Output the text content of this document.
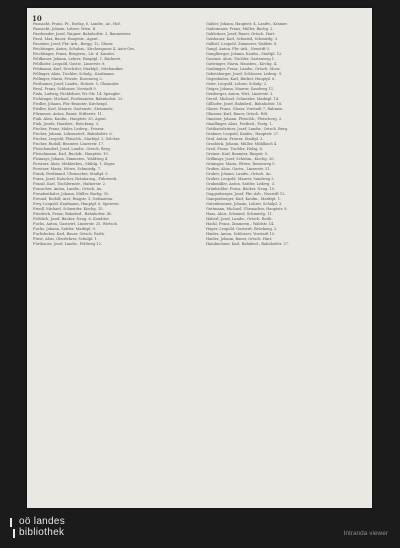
10

Fasnacht, Franz, Pr., Eselsg. 6, Landw., Ar., Hof.

Fasnacht, Johann, Lehrer, Wien, II.

Fassbender, Josef, Wagner, Bahnhofstr. 3, Baumeister.

Fassl, Max, Bauer, Hauptstr., Agent.

Faustner, Josef, Fbr.-Arb., Bergg. 12, Glaser.

Feichtinger, Anton, Schuhm., Kirchengasse 4, Auto-Ges.

Feichtinger, Franz, Bürgerm., Ltr. d. Kanzlei.

Feldbauer, Johann, Lehrer, Hauptpl. 1, Bäckerei.

Feldhofer, Leopold, Gastw., Linzerstr. 8.

Feldmann, Karl, Drechsler, Marktpl., Mechaniker.

Fellinger, Alois, Tischler, Schulg., Kaufmann.

Fellinger, Maria, Private, Rosenweg 2.

Ferihumer, Josef, Landw., Holzstr. 5, Glasmaler.

Fessl, Franz, Schlosser, Vorstadt 9.

Fiala, Ludwig, Fachlehrer, Wr.-Str. 14, Spengler.

Fichtinger, Michael, Postbeamter, Bahnhofstr. 22.

Fiedler, Johann, Fbr.-Beamter, Kirchenpl.

Fiedler, Karl, Maurer, Gartenstr., Steinmetz.

Filzmoser, Anton, Bauer, Stifterstr. 11.

Fink, Alois, Kaufm., Hauptstr. 30, Agent.

Fink, Josefa, Hausbes., Brückeng. 3.

Fischer, Franz, Maler, Lederg., Friseur.

Fischer, Johann, Lokomotivf., Bahnhofstr. 6.

Fischer, Leopold, Fleischh., Marktpl. 2, Selcher.

Fischer, Rudolf, Beamter, Linzerstr. 17.

Fleischanderl, Josef, Landw., Ortsch. Berg.

Fleischmann, Karl, Buchdr., Hauptstr. 19.

Floimayr, Johann, Zimmerm., Waldweg 4.

Forstner, Alois, Mühlenbes., Mühlg. 1, Säger.

Forstner, Maria, Witwe, Schmiedg. 7.

Frank, Ferdinand, Uhrmacher, Stadtpl. 5.

Franz, Josef, Kutscher, Bräuhausg., Fuhrwerk.

Franzl, Karl, Tischlermstr., Hafnerstr. 2.

Frauscher, Anton, Landw., Ortsch. Au.

Freudenthaler, Johann, Müller, Bachg. 10.

Freund, Rudolf, Arzt, Ringstr. 3, Ordination.

Frey, Leopold, Kaufmann, Hauptpl. 8, Spezerei.

Friedl, Michael, Schneider, Kirchg. 15.

Friedrich, Franz, Bahnbed., Bahnhofstr. 40.

Fröhlich, Josef, Bäcker, Neug. 6, Konditor.

Fuchs, Anton, Gastwirt, Linzerstr. 25, Wirtsch.

Fuchs, Johann, Sattler, Marktpl. 9.

Fuchshuber, Karl, Bauer, Ortsch. Reith.

Fürst, Alois, Oberlehrer, Schulpl. 1.

Fürthauer, Josef, Landw., Feldweg 12.

Gabler, Johann, Hauptstr. 4, Landw., Kramer.

Gadermaier, Franz, Müller, Bachg. 2.

Gahleitner, Josef, Bauer, Ortsch. Hart.

Gaisbauer, Karl, Schmied, Schmiedg. 3.

Gallistl, Leopold, Zimmerer, Waldstr. 8.

Gangl, Anton, Fbr.-Arb., Neustift 5.

Ganglberger, Johann, Kaufm., Stadtpl. 12.

Gassner, Alois, Tischler, Gartenweg 1.

Gattringer, Maria, Hausbes., Kirchg. 4.

Gaubinger, Franz, Landw., Ortsch. Moos.

Gebetsberger, Josef, Schlosser, Lederg. 9.

Gegenhuber, Karl, Bäcker, Hauptpl. 6.

Geier, Leopold, Lehrer, Schulg. 2.

Geiger, Johann, Maurer, Sandweg 11.

Geisberger, Anton, Wirt, Linzerstr. 3.

Gerstl, Michael, Schneider, Marktpl. 14.

Gillhofer, Josef, Bahnbed., Bahnhofstr. 18.

Glaser, Franz, Glaser, Vorstadt 7, Rahmen.

Glinsner, Karl, Bauer, Ortsch. Edt.

Gmeiner, Johann, Fleischh., Fleischerg. 2.

Gnadlinger, Alois, Postbed., Postg. 1.

Gotthartsleitner, Josef, Landw., Ortsch. Berg.

Grabner, Leopold, Kaufm., Hauptstr. 27.

Graf, Anton, Friseur, Stadtpl. 3.

Grasböck, Johann, Müller, Mühlbach 4.

Greil, Franz, Tischler, Holzg. 6.

Greiner, Karl, Beamter, Ringstr. 9.

Grillmayr, Josef, Schuhm., Kirchg. 20.

Grininger, Maria, Witwe, Rosenweg 5.

Gruber, Alois, Gastw., Linzerstr. 31.

Gruber, Johann, Landw., Ortsch. Au.

Gruber, Leopold, Maurer, Sandweg 2.

Grubmüller, Anton, Sattler, Lederg. 3.

Grünbichler, Franz, Bäcker, Neug. 10.

Guggenberger, Josef, Fbr.-Arb., Neustift 12.

Gumpenberger, Karl, Kaufm., Marktpl. 1.

Gutenbrunner, Johann, Lehrer, Schulpl. 3.

Guttmann, Michael, Uhrmacher, Hauptstr. 8.

Haas, Alois, Schmied, Schmiedg. 11.

Haberl, Josef, Landw., Ortsch. Reith.

Hackl, Franz, Zimmerm., Waldstr. 14.

Hager, Leopold, Gastwirt, Brückeng. 2.

Haider, Anton, Schlosser, Vorstadt 15.

Haider, Johann, Bauer, Ortsch. Hart.

Hainbuchner, Karl, Bahnbed., Bahnhofstr. 27.

oö landes
bibliothek	Intranda viewer
